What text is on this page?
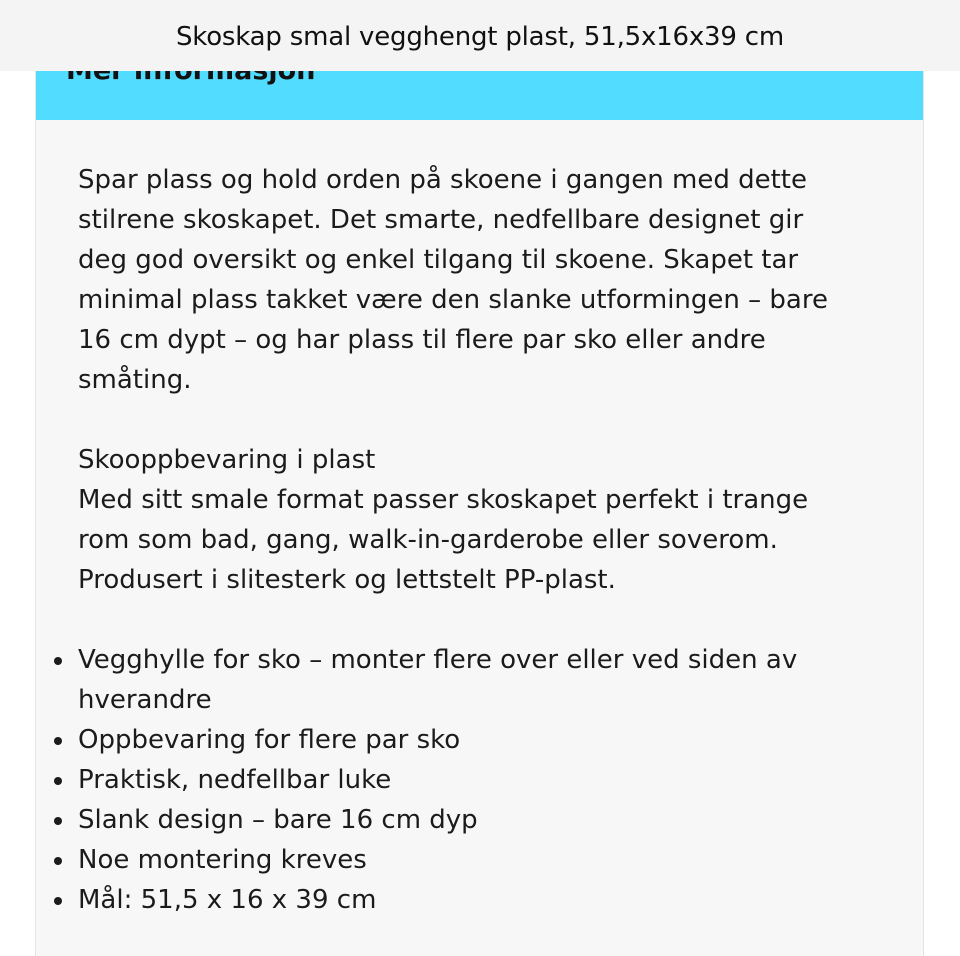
Skoskap smal vegghengt plast, 51,5x16x39 cm

Spar plass og hold orden på skoene i gangen med dette
stilrene skoskapet. Det smarte, nedfellbare designet gir
deg god oversikt og enkel tilgang til skoene. Skapet tar
minimal plass takket være den slanke utformingen – bare
16 cm dypt – og har plass til flere par sko eller andre
småting.

Skooppbevaring i plast

Med sitt smale format passer skoskapet perfekt i trange
rom som bad, gang, walk-in-garderobe eller soverom.
Produsert i slitesterk og lettstelt PP-plast.

Vegghylle for sko – monter flere over eller ved siden av
hverandre
Oppbevaring for flere par sko
Praktisk, nedfellbar luke
Slank design – bare 16 cm dyp
Noe montering kreves
Mål: 51,5 x 16 x 39 cm
